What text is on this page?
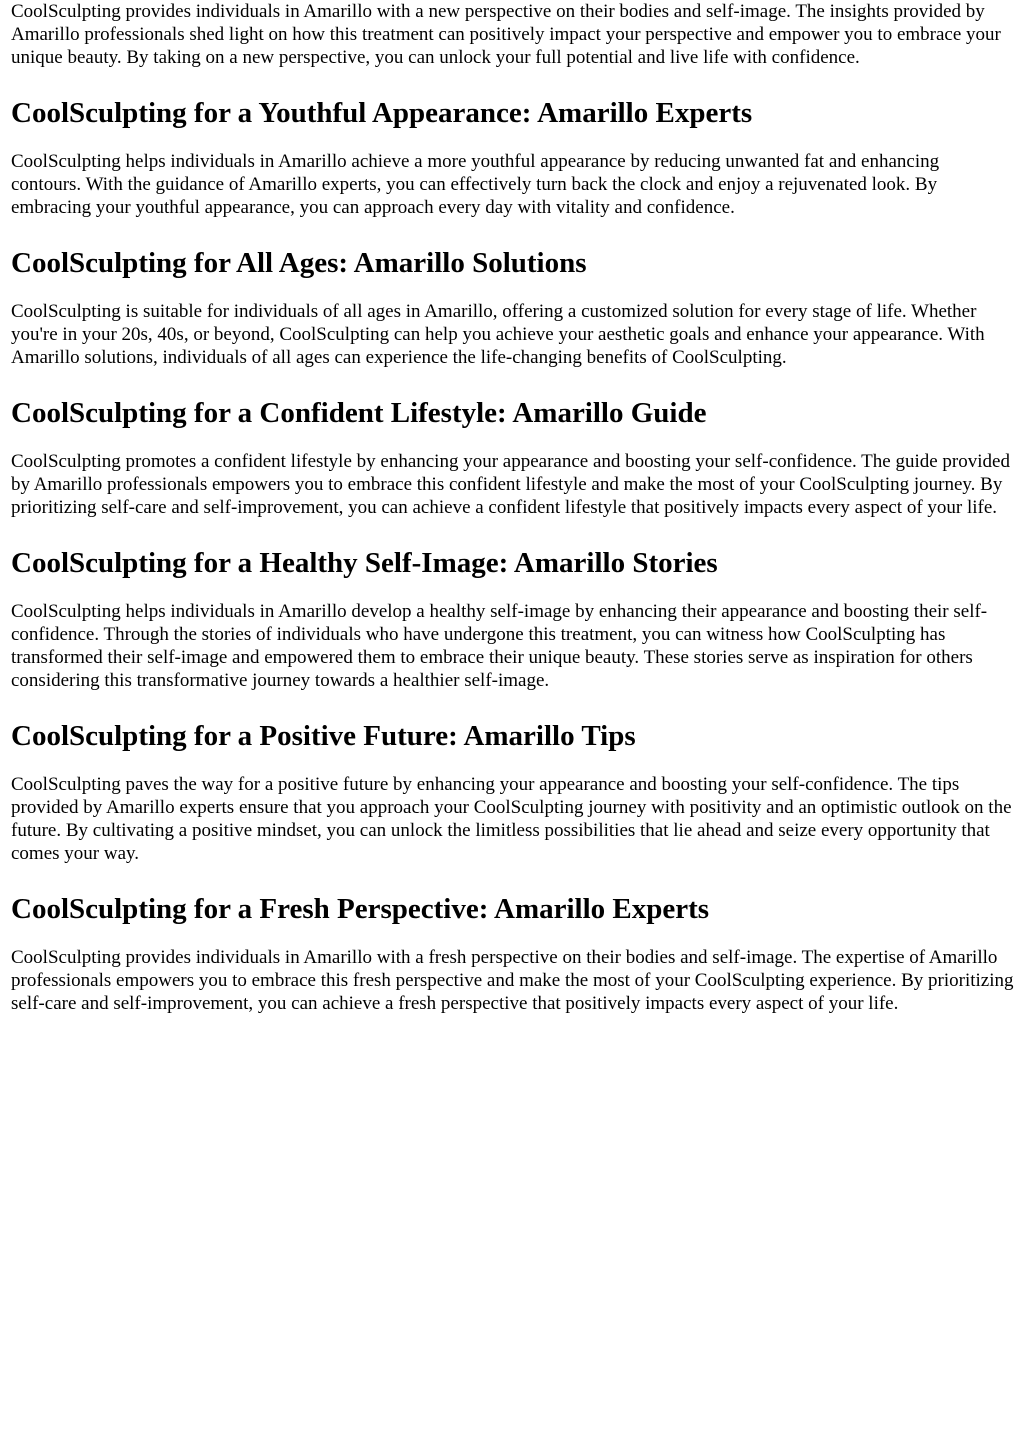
CoolSculpting provides individuals in Amarillo with a new perspective on their bodies and self-image. The insights provided by Amarillo professionals shed light on how this treatment can positively impact your perspective and empower you to embrace your unique beauty. By taking on a new perspective, you can unlock your full potential and live life with confidence.

CoolSculpting for a Youthful Appearance: Amarillo Experts

CoolSculpting helps individuals in Amarillo achieve a more youthful appearance by reducing unwanted fat and enhancing contours. With the guidance of Amarillo experts, you can effectively turn back the clock and enjoy a rejuvenated look. By embracing your youthful appearance, you can approach every day with vitality and confidence.

CoolSculpting for All Ages: Amarillo Solutions

CoolSculpting is suitable for individuals of all ages in Amarillo, offering a customized solution for every stage of life. Whether you're in your 20s, 40s, or beyond, CoolSculpting can help you achieve your aesthetic goals and enhance your appearance. With Amarillo solutions, individuals of all ages can experience the life-changing benefits of CoolSculpting.

CoolSculpting for a Confident Lifestyle: Amarillo Guide

CoolSculpting promotes a confident lifestyle by enhancing your appearance and boosting your self-confidence. The guide provided by Amarillo professionals empowers you to embrace this confident lifestyle and make the most of your CoolSculpting journey. By prioritizing self-care and self-improvement, you can achieve a confident lifestyle that positively impacts every aspect of your life.

CoolSculpting for a Healthy Self-Image: Amarillo Stories

CoolSculpting helps individuals in Amarillo develop a healthy self-image by enhancing their appearance and boosting their self-confidence. Through the stories of individuals who have undergone this treatment, you can witness how CoolSculpting has transformed their self-image and empowered them to embrace their unique beauty. These stories serve as inspiration for others considering this transformative journey towards a healthier self-image.

CoolSculpting for a Positive Future: Amarillo Tips

CoolSculpting paves the way for a positive future by enhancing your appearance and boosting your self-confidence. The tips provided by Amarillo experts ensure that you approach your CoolSculpting journey with positivity and an optimistic outlook on the future. By cultivating a positive mindset, you can unlock the limitless possibilities that lie ahead and seize every opportunity that comes your way.

CoolSculpting for a Fresh Perspective: Amarillo Experts

CoolSculpting provides individuals in Amarillo with a fresh perspective on their bodies and self-image. The expertise of Amarillo professionals empowers you to embrace this fresh perspective and make the most of your CoolSculpting experience. By prioritizing self-care and self-improvement, you can achieve a fresh perspective that positively impacts every aspect of your life.
